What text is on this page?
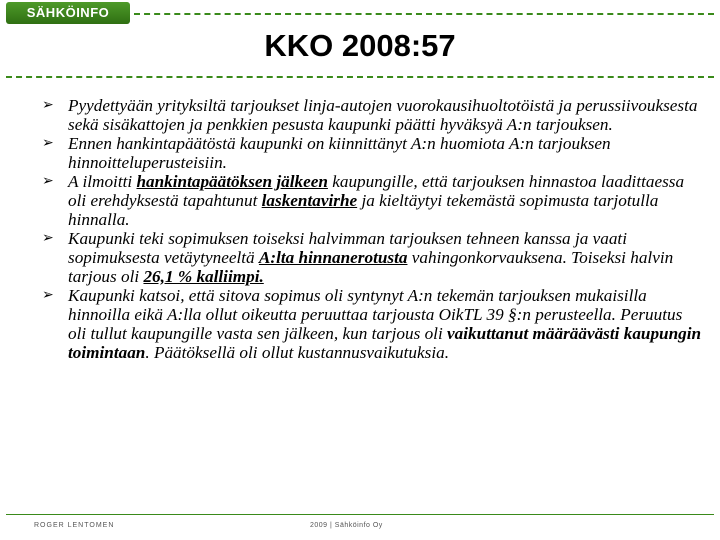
SÄHKÖINFO
KKO 2008:57
➢ Pyydettyään yrityksiltä tarjoukset linja-autojen vuorokausihuoltotöistä ja perussiivouksesta sekä sisäkattojen ja penkkien pesusta kaupunki päätti hyväksyä A:n tarjouksen.
➢ Ennen hankintapäätöstä kaupunki on kiinnittänyt A:n huomiota A:n tarjouksen hinnoitteluperusteisiin.
➢ A ilmoitti hankintapäätöksen jälkeen kaupungille, että tarjouksen hinnastoa laadittaessa oli erehdyksestä tapahtunut laskentavirhe ja kieltäytyi tekemästä sopimusta tarjotulla hinnalla.
➢ Kaupunki teki sopimuksen toiseksi halvimman tarjouksen tehneen kanssa ja vaati sopimuksesta vetäytyneeltä A:lta hinnanerotusta vahingonkorvauksena. Toiseksi halvin tarjous oli 26,1 % kalliimpi.
➢ Kaupunki katsoi, että sitova sopimus oli syntynyt A:n tekemän tarjouksen mukaisilla hinnoilla eikä A:lla ollut oikeutta peruuttaa tarjousta OikTL 39 §:n perusteella. Peruutus oli tullut kaupungille vasta sen jälkeen, kun tarjous oli vaikuttanut määräävästi kaupungin toimintaan. Päätöksellä oli ollut kustannusvaikutuksia.
ROGER LENTOMEN	2009 | Sähköinfo Oy
